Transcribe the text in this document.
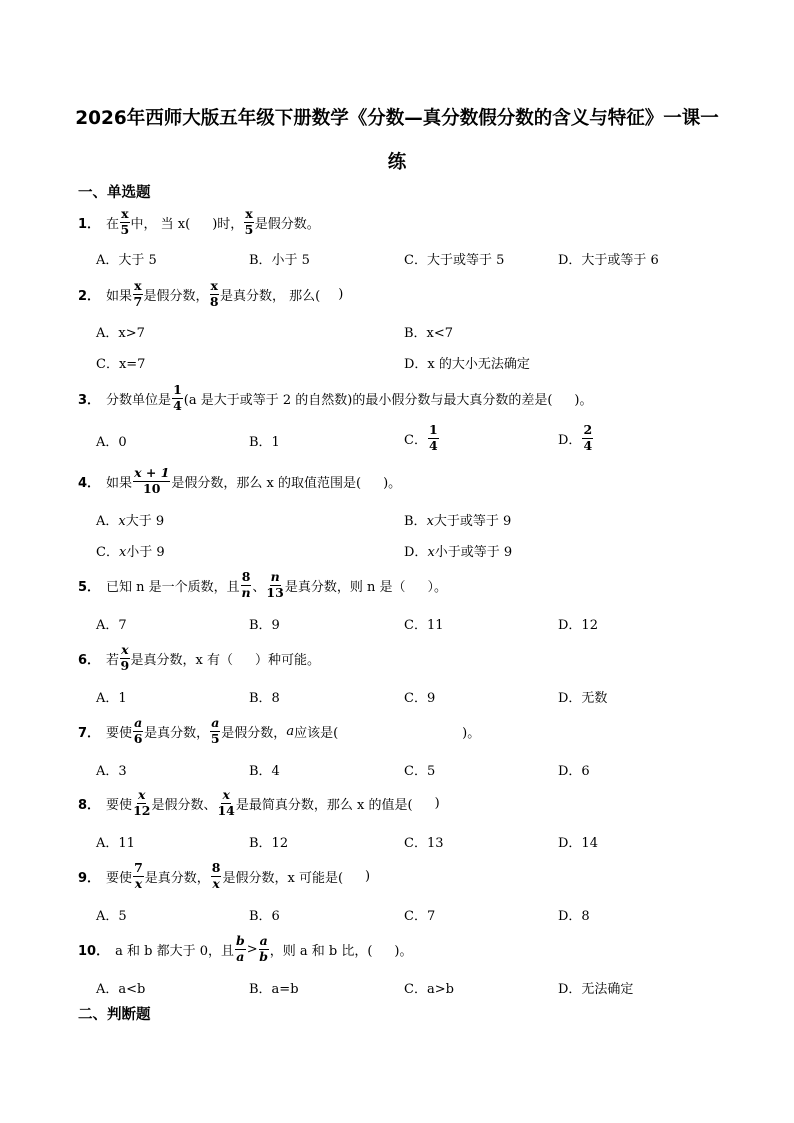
2026年西师大版五年级下册数学《分数—真分数假分数的含义与特征》一课一
练
一、单选题
1． 在 $\frac{x}{5}$ 中， 当 x( )时， $\frac{x}{5}$ 是假分数。
A．大于 5	B．小于 5	C．大于或等于 5	D．大于或等于 6
2． 如果 $\frac{x}{7}$ 是假分数， $\frac{x}{8}$ 是真分数， 那么( )
A．x>7	B．x<7
C．x=7	D．x 的大小无法确定
3． 分数单位是 $\frac{1}{4} (a$ 是大于或等于 2 的自然数)的最小假分数与最大真分数的差是( )。
A．0	B．1	C． $\frac{1}{4}$	D． $\frac{2}{4}$
4． 如果 $\frac{x + 1}{10}$ 是假分数，那么 x 的取值范围是( )。
A．x大于 9	B．x大于或等于 9
C．x小于 9	D．x小于或等于 9
5． 已知 n 是一个质数，且 $\frac{8}{n}$ 、 $\frac{n}{13}$ 是真分数，则 n 是（ ）。
A．7	B．9	C．11	D．12
6． 若 $\frac{x}{9}$ 是真分数，x 有（ ）种可能。
A．1	B．8	C．9	D．无数
7． 要使 $\frac{a}{6}$ 是真分数， $\frac{a}{5}$ 是假分数， a 应该是(	)。
A．3	B．4	C．5	D．6
8． 要使 $\frac{x}{12}$ 是假分数、 $\frac{x}{14}$ 是最简真分数，那么 x 的值是( )
A．11	B．12	C．13	D．14
9． 要使 $\frac{7}{x}$ 是真分数， $\frac{8}{x}$ 是假分数，x 可能是( )
A．5	B．6	C．7	D．8
10． a 和 b 都大于 0，且 $\frac{b}{a} > \frac{a}{b}$ ，则 a 和 b 比，( )。
A．a<b	B．a=b	C．a>b	D．无法确定
二、判断题
